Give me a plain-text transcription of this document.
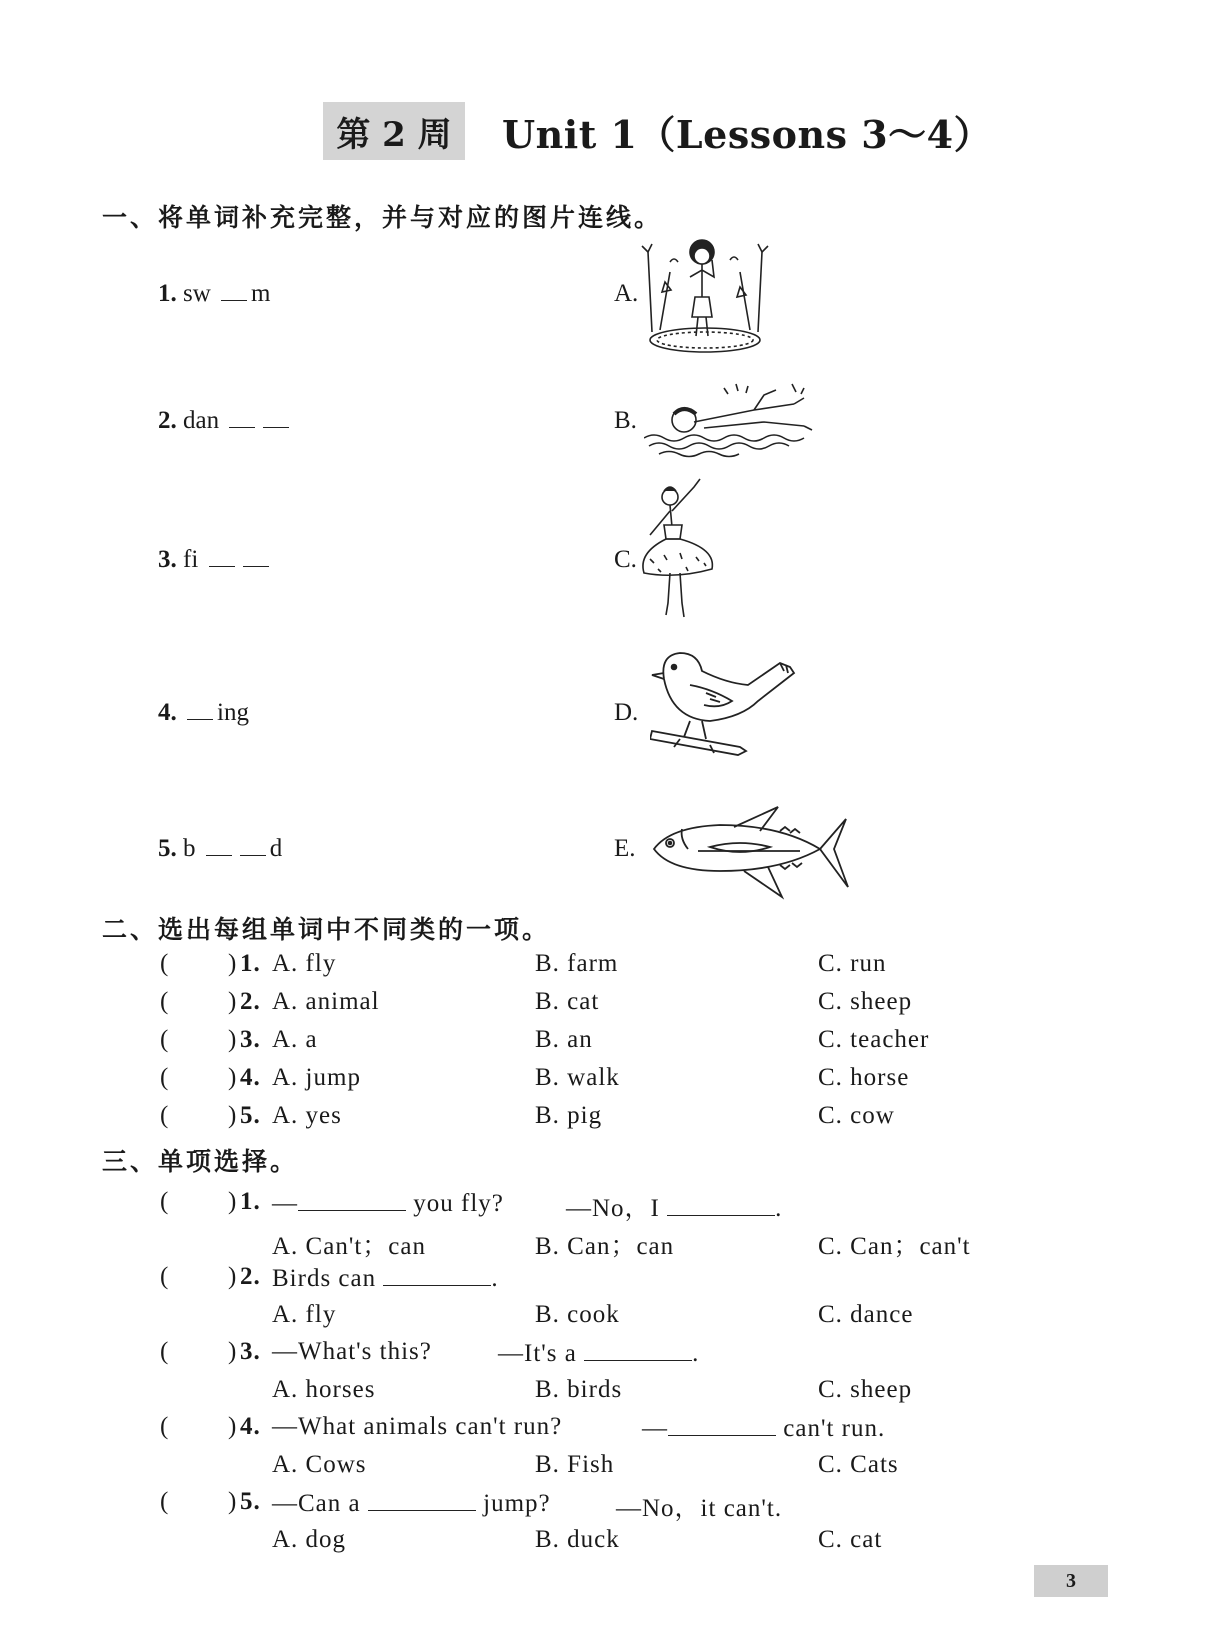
第 2 周	Unit 1（Lessons 3～4）
一、将单词补充完整，并与对应的图片连线。
1. sw m
2. dan
3. fi
4. ing
5. b	d
A.
B.
C.
D.
E.
二、选出每组单词中不同类的一项。
( ) 1. A. fly	B. farm	C. run
( ) 2. A. animal	B. cat	C. sheep
( ) 3. A. a	B. an	C. teacher
( ) 4. A. jump	B. walk	C. horse
( ) 5. A. yes	B. pig	C. cow
三、单项选择。
( ) 1. —	you fly? —No，I	.
A. Can't；can	B. Can；can	C. Can；can't
( ) 2. Birds can	.
A. fly	B. cook	C. dance
( ) 3. —What's this?	—It's a	.
A. horses	B. birds	C. sheep
( ) 4. —What animals can't run?	—	can't run.
A. Cows	B. Fish	C. Cats
( ) 5. —Can a	jump?	—No，it can't.
A. dog	B. duck	C. cat
3
